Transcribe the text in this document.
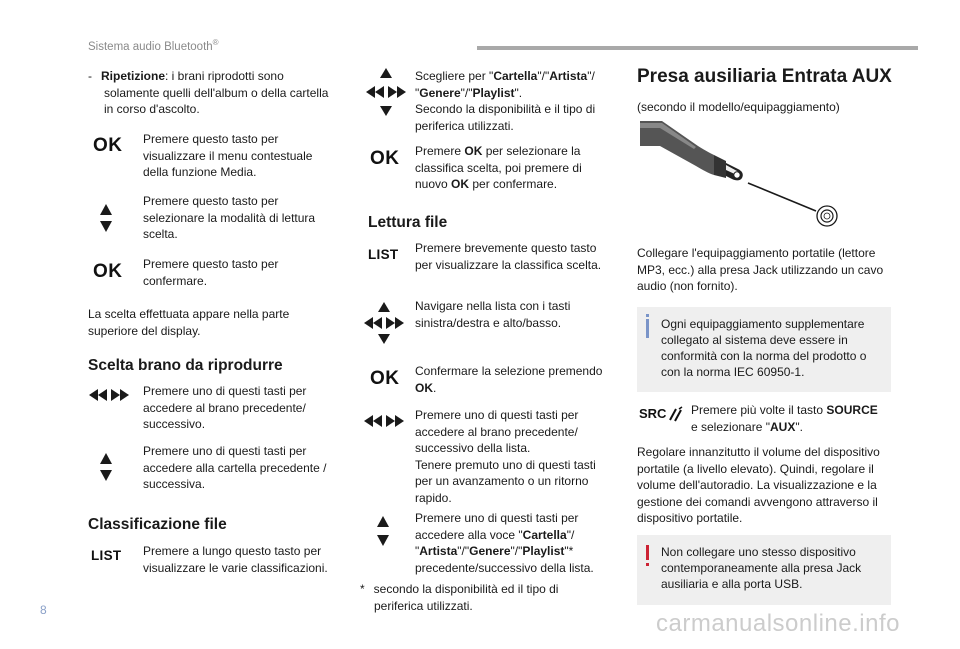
Sistema audio Bluetooth®
- Ripetizione: i brani riprodotti sono
solamente quelli dell'album o della cartella
in corso d'ascolto.
OK Premere questo tasto per
visualizzare il menu contestuale
della funzione Media.
Premere questo tasto per
selezionare la modalità di lettura
scelta.
OK Premere questo tasto per
confermare.
La scelta effettuata appare nella parte
superiore del display.
Scelta brano da riprodurre
Premere uno di questi tasti per
accedere al brano precedente/
successivo.
Premere uno di questi tasti per
accedere alla cartella precedente /
successiva.
Classificazione file
LIST Premere a lungo questo tasto per
visualizzare le varie classificazioni.
Scegliere per "Cartella"/"Artista"/
"Genere"/"Playlist".
Secondo la disponibilità e il tipo di
periferica utilizzati.
OK Premere OK per selezionare la
classifica scelta, poi premere di
nuovo OK per confermare.
Lettura file
LIST Premere brevemente questo tasto
per visualizzare la classifica scelta.
Navigare nella lista con i tasti
sinistra/destra e alto/basso.
OK Confermare la selezione premendo
OK.
Premere uno di questi tasti per
accedere al brano precedente/
successivo della lista.
Tenere premuto uno di questi tasti
per un avanzamento o un ritorno
rapido.
Premere uno di questi tasti per
accedere alla voce "Cartella"/
"Artista"/"Genere"/"Playlist"*
precedente/successivo della lista.
* secondo la disponibilità ed il tipo di
periferica utilizzati.
Presa ausiliaria Entrata AUX
(secondo il modello/equipaggiamento)
Collegare l'equipaggiamento portatile (lettore
MP3, ecc.) alla presa Jack utilizzando un cavo
audio (non fornito).
Ogni equipaggiamento supplementare
collegato al sistema deve essere in
conformità con la norma del prodotto o
con la norma IEC 60950-1.
SRC Premere più volte il tasto SOURCE
e selezionare "AUX".
Regolare innanzitutto il volume del dispositivo
portatile (a livello elevato). Quindi, regolare il
volume dell'autoradio. La visualizzazione e la
gestione dei comandi avvengono attraverso il
dispositivo portatile.
Non collegare uno stesso dispositivo
contemporaneamente alla presa Jack
ausiliaria e alla porta USB.
8	carmanualsonline.info
